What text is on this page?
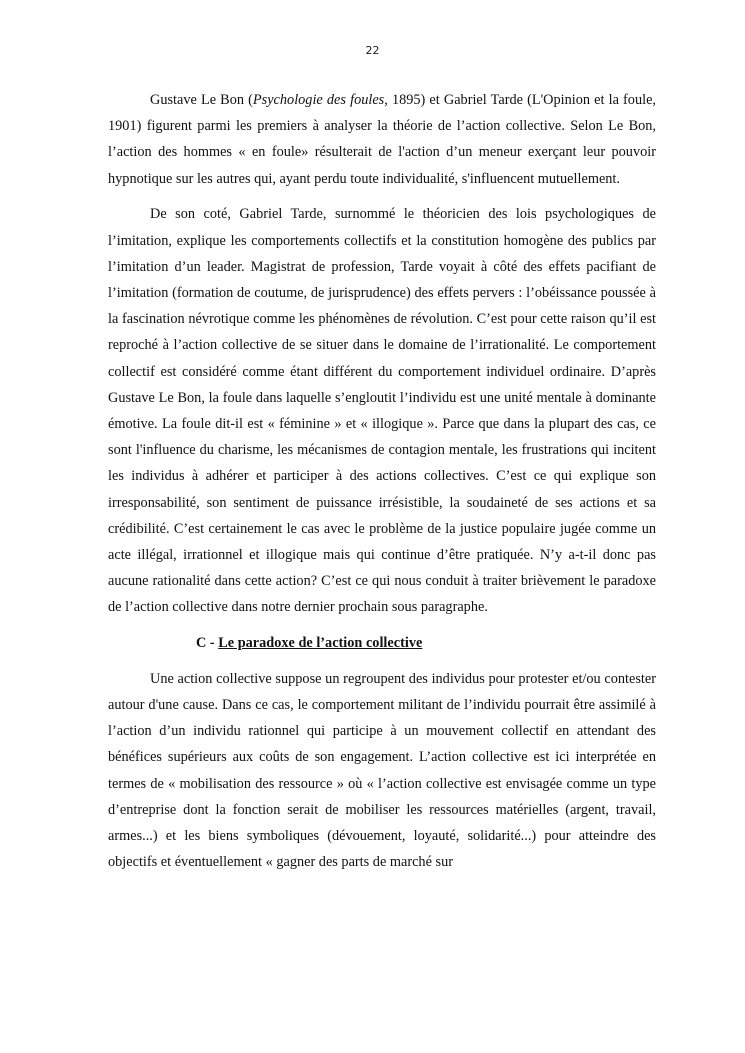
22

Gustave Le Bon (Psychologie des foules, 1895) et Gabriel Tarde (L'Opinion et la foule, 1901) figurent parmi les premiers à analyser la théorie de l’action collective. Selon Le Bon, l’action des hommes « en foule» résulterait de l'action d’un meneur exerçant leur pouvoir hypnotique sur les autres qui, ayant perdu toute individualité, s'influencent mutuellement.

De son coté, Gabriel Tarde, surnommé le théoricien des lois psychologiques de l’imitation, explique les comportements collectifs et la constitution homogène des publics par l’imitation d’un leader. Magistrat de profession, Tarde voyait à côté des effets pacifiant de l’imitation (formation de coutume, de jurisprudence) des effets pervers : l’obéissance poussée à la fascination névrotique comme les phénomènes de révolution. C’est pour cette raison qu’il est reproché à l’action collective de se situer dans le domaine de l’irrationalité. Le comportement collectif est considéré comme étant différent du comportement individuel ordinaire. D’après Gustave Le Bon, la foule dans laquelle s’engloutit l’individu est une unité mentale à dominante émotive. La foule dit-il est « féminine » et « illogique ». Parce que dans la plupart des cas, ce sont l'influence du charisme, les mécanismes de contagion mentale, les frustrations qui incitent les individus à adhérer et participer à des actions collectives. C’est ce qui explique son irresponsabilité, son sentiment de puissance irrésistible, la soudaineté de ses actions et sa crédibilité. C’est certainement le cas avec le problème de la justice populaire jugée comme un acte illégal, irrationnel et illogique mais qui continue d’être pratiquée. N’y a-t-il donc pas aucune rationalité dans cette action? C’est ce qui nous conduit à traiter brièvement le paradoxe de l’action collective dans notre dernier prochain sous paragraphe.

C - Le paradoxe de l’action collective

Une action collective suppose un regroupent des individus pour protester et/ou contester autour d'une cause. Dans ce cas, le comportement militant de l’individu pourrait être assimilé à l’action d’un individu rationnel qui participe à un mouvement collectif en attendant des bénéfices supérieurs aux coûts de son engagement. L’action collective est ici interprétée en termes de « mobilisation des ressource » où « l’action collective est envisagée comme un type d’entreprise dont la fonction serait de mobiliser les ressources matérielles (argent, travail, armes...) et les biens symboliques (dévouement, loyauté, solidarité...) pour atteindre des objectifs et éventuellement « gagner des parts de marché sur
